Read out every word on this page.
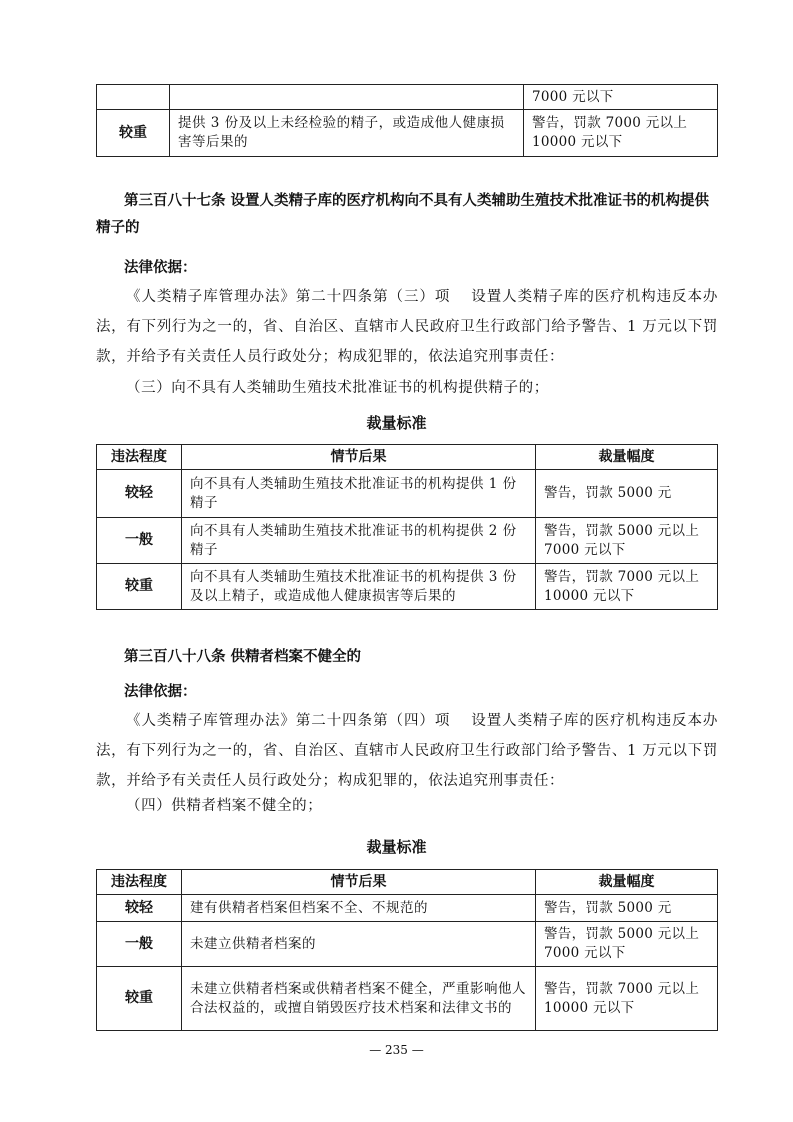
		7000 元以下
较重	提供 3 份及以上未经检验的精子，或造成他人健康损害等后果的	警告，罚款 7000 元以上 10000 元以下

第三百八十七条 设置人类精子库的医疗机构向不具有人类辅助生殖技术批准证书的机构提供精子的

法律依据：

《人类精子库管理办法》第二十四条第（三）项　 设置人类精子库的医疗机构违反本办法，有下列行为之一的，省、自治区、直辖市人民政府卫生行政部门给予警告、1 万元以下罚款，并给予有关责任人员行政处分；构成犯罪的，依法追究刑事责任：

（三）向不具有人类辅助生殖技术批准证书的机构提供精子的；

裁量标准

违法程度	情节后果	裁量幅度
较轻	向不具有人类辅助生殖技术批准证书的机构提供 1 份精子	警告，罚款 5000 元
一般	向不具有人类辅助生殖技术批准证书的机构提供 2 份精子	警告，罚款 5000 元以上 7000 元以下
较重	向不具有人类辅助生殖技术批准证书的机构提供 3 份及以上精子，或造成他人健康损害等后果的	警告，罚款 7000 元以上 10000 元以下

第三百八十八条 供精者档案不健全的

法律依据：

《人类精子库管理办法》第二十四条第（四）项　 设置人类精子库的医疗机构违反本办法，有下列行为之一的，省、自治区、直辖市人民政府卫生行政部门给予警告、1 万元以下罚款，并给予有关责任人员行政处分；构成犯罪的，依法追究刑事责任：

（四）供精者档案不健全的；

裁量标准

违法程度	情节后果	裁量幅度
较轻	建有供精者档案但档案不全、不规范的	警告，罚款 5000 元
一般	未建立供精者档案的	警告，罚款 5000 元以上 7000 元以下
较重	未建立供精者档案或供精者档案不健全，严重影响他人合法权益的，或擅自销毁医疗技术档案和法律文书的	警告，罚款 7000 元以上 10000 元以下

— 235 —
